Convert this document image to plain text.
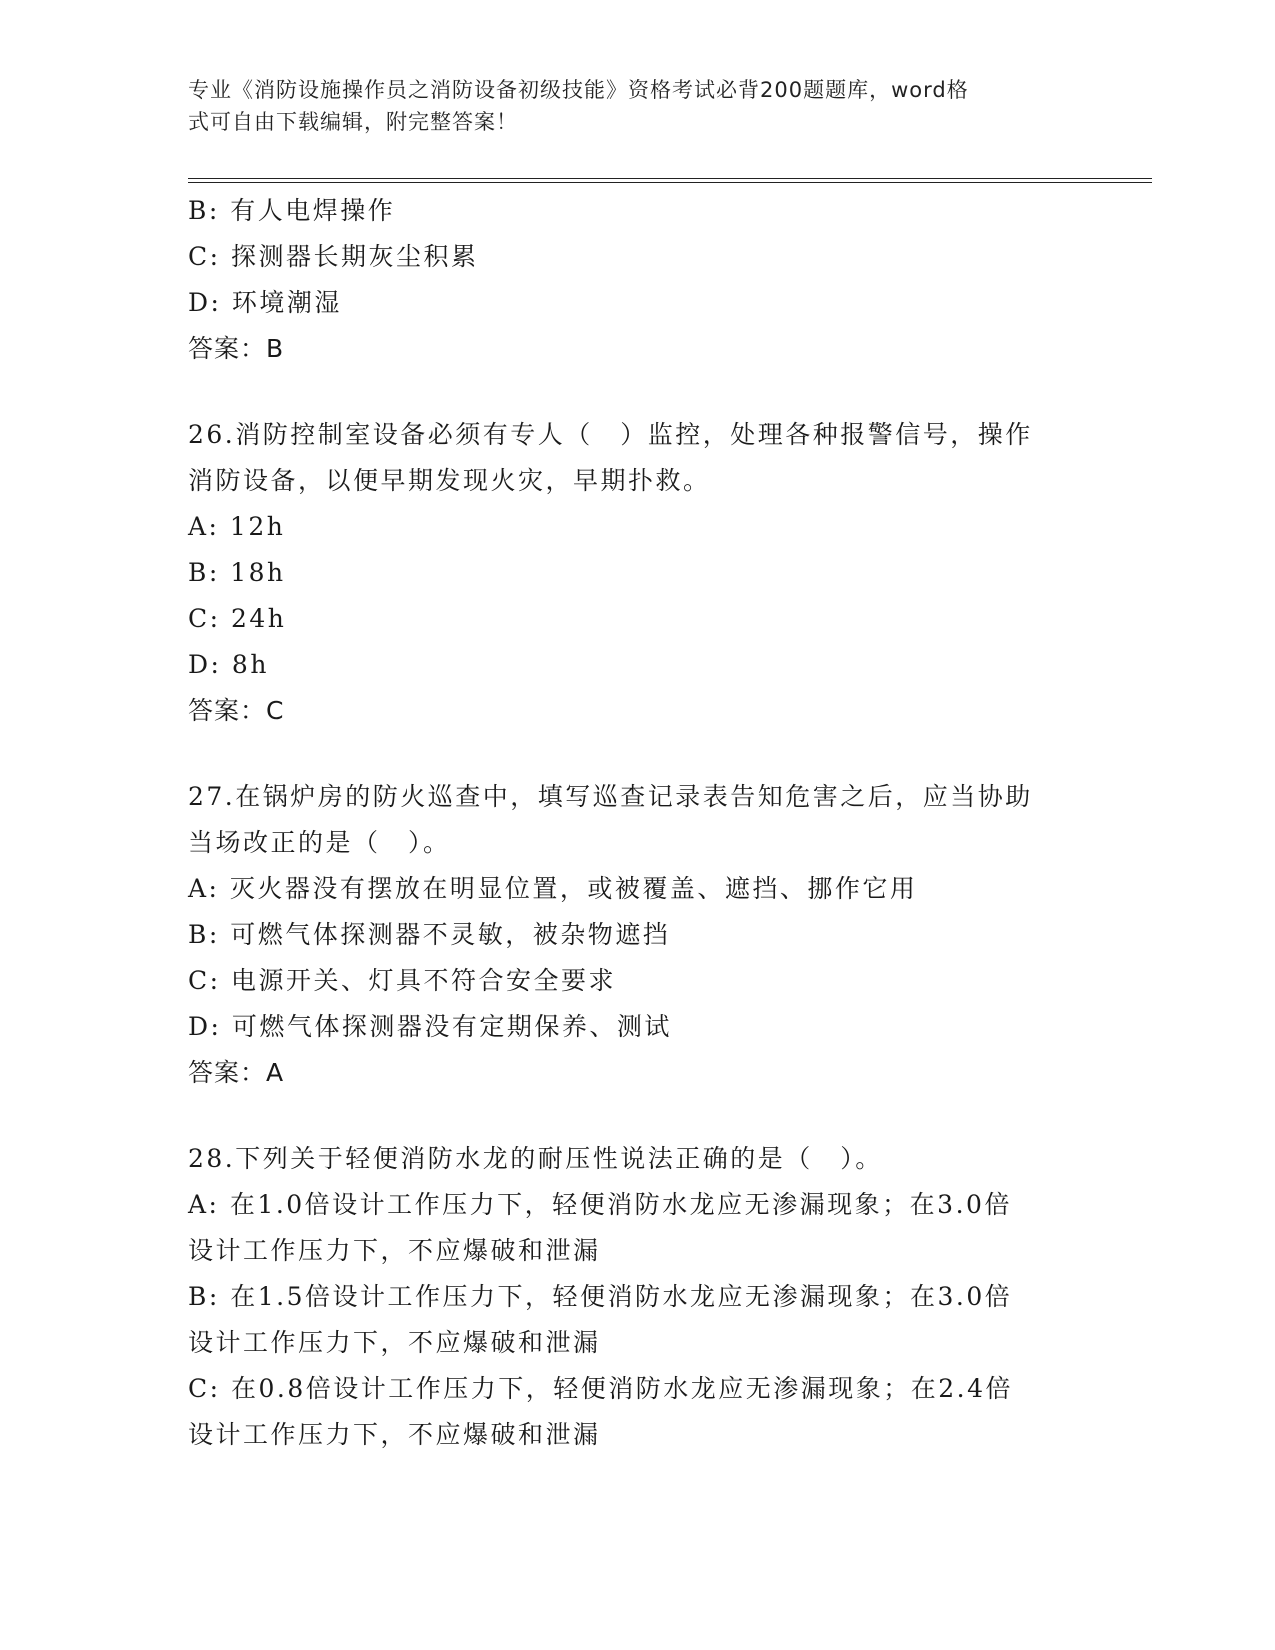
专业《消防设施操作员之消防设备初级技能》资格考试必背200题题库，word格
式可自由下载编辑，附完整答案！
B: 有人电焊操作
C: 探测器长期灰尘积累
D: 环境潮湿
答案：B
26.消防控制室设备必须有专人（　）监控，处理各种报警信号，操作
消防设备，以便早期发现火灾，早期扑救。
A: 12h
B: 18h
C: 24h
D: 8h
答案：C
27.在锅炉房的防火巡查中，填写巡查记录表告知危害之后，应当协助
当场改正的是（　）。
A: 灭火器没有摆放在明显位置，或被覆盖、遮挡、挪作它用
B: 可燃气体探测器不灵敏，被杂物遮挡
C: 电源开关、灯具不符合安全要求
D: 可燃气体探测器没有定期保养、测试
答案：A
28.下列关于轻便消防水龙的耐压性说法正确的是（　）。
A: 在1.0倍设计工作压力下，轻便消防水龙应无渗漏现象；在3.0倍
设计工作压力下，不应爆破和泄漏
B: 在1.5倍设计工作压力下，轻便消防水龙应无渗漏现象；在3.0倍
设计工作压力下，不应爆破和泄漏
C: 在0.8倍设计工作压力下，轻便消防水龙应无渗漏现象；在2.4倍
设计工作压力下，不应爆破和泄漏
